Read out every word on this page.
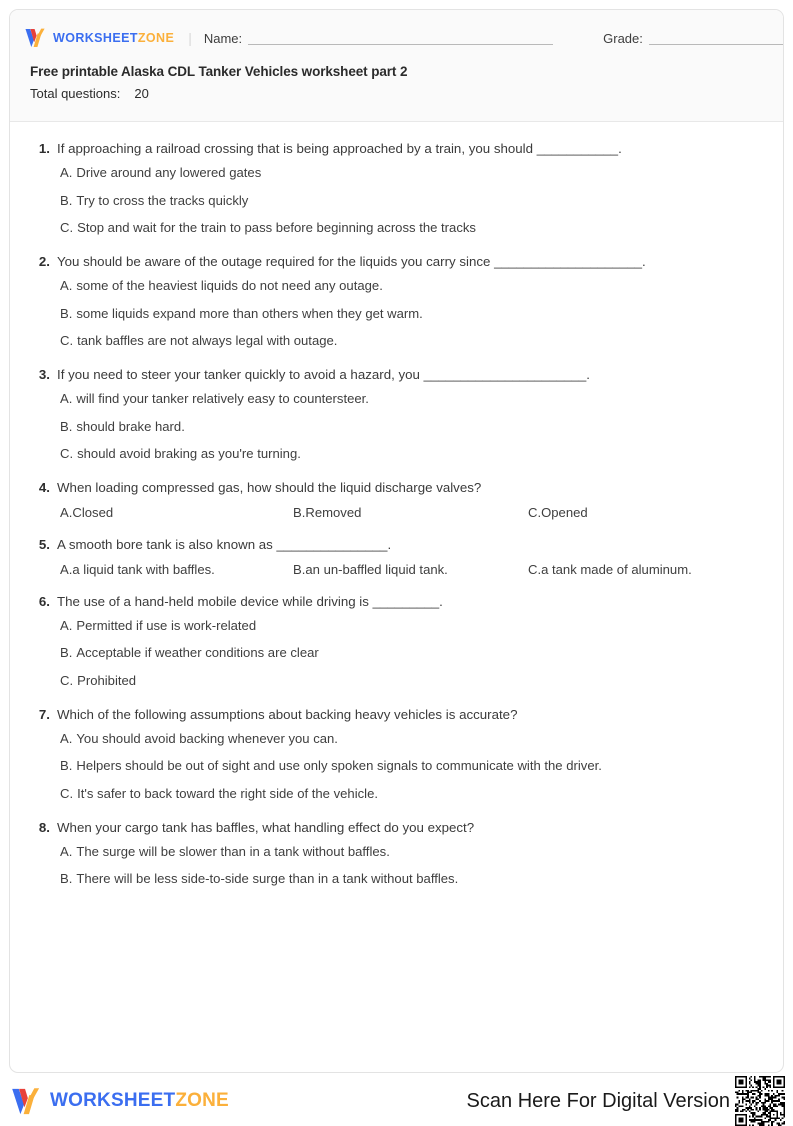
WORKSHEETZONE | Name:	Grade:
Free printable Alaska CDL Tanker Vehicles worksheet part 2
Total questions: 20
1. If approaching a railroad crossing that is being approached by a train, you should ___________.
A. Drive around any lowered gates
B. Try to cross the tracks quickly
C. Stop and wait for the train to pass before beginning across the tracks
2. You should be aware of the outage required for the liquids you carry since ____________________.
A. some of the heaviest liquids do not need any outage.
B. some liquids expand more than others when they get warm.
C. tank baffles are not always legal with outage.
3. If you need to steer your tanker quickly to avoid a hazard, you ______________________.
A. will find your tanker relatively easy to countersteer.
B. should brake hard.
C. should avoid braking as you're turning.
4. When loading compressed gas, how should the liquid discharge valves?
A.Closed	B.Removed	C.Opened
5. A smooth bore tank is also known as _______________.
A.a liquid tank with baffles.	B.an un-baffled liquid tank.	C.a tank made of aluminum.
6. The use of a hand-held mobile device while driving is _________.
A. Permitted if use is work-related
B. Acceptable if weather conditions are clear
C. Prohibited
7. Which of the following assumptions about backing heavy vehicles is accurate?
A. You should avoid backing whenever you can.
B. Helpers should be out of sight and use only spoken signals to communicate with the driver.
C. It's safer to back toward the right side of the vehicle.
8. When your cargo tank has baffles, what handling effect do you expect?
A. The surge will be slower than in a tank without baffles.
B. There will be less side-to-side surge than in a tank without baffles.
WORKSHEETZONE	Scan Here For Digital Version
